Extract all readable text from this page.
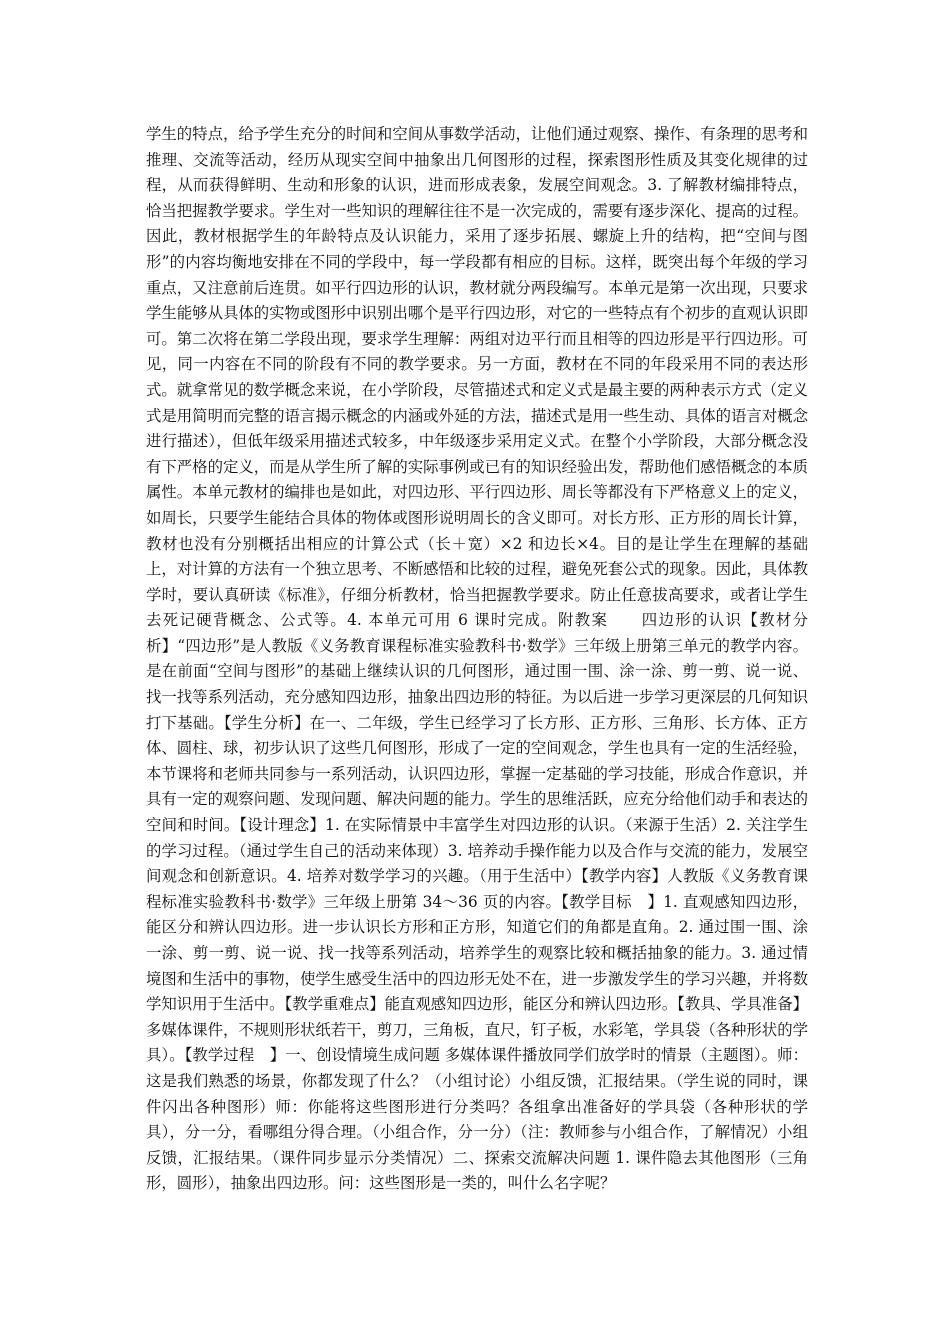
学生的特点，给予学生充分的时间和空间从事数学活动，让他们通过观察、操作、有条理的思考和推理、交流等活动，经历从现实空间中抽象出几何图形的过程，探索图形性质及其变化规律的过程，从而获得鲜明、生动和形象的认识，进而形成表象，发展空间观念。3. 了解教材编排特点，恰当把握教学要求。学生对一些知识的理解往往不是一次完成的，需要有逐步深化、提高的过程。因此，教材根据学生的年龄特点及认识能力，采用了逐步拓展、螺旋上升的结构，把“空间与图形”的内容均衡地安排在不同的学段中，每一学段都有相应的目标。这样，既突出每个年级的学习重点，又注意前后连贯。如平行四边形的认识，教材就分两段编写。本单元是第一次出现，只要求学生能够从具体的实物或图形中识别出哪个是平行四边形，对它的一些特点有个初步的直观认识即可。第二次将在第二学段出现，要求学生理解：两组对边平行而且相等的四边形是平行四边形。可见，同一内容在不同的阶段有不同的教学要求。另一方面，教材在不同的年段采用不同的表达形式。就拿常见的数学概念来说，在小学阶段，尽管描述式和定义式是最主要的两种表示方式（定义式是用简明而完整的语言揭示概念的内涵或外延的方法，描述式是用一些生动、具体的语言对概念进行描述），但低年级采用描述式较多，中年级逐步采用定义式。在整个小学阶段，大部分概念没有下严格的定义，而是从学生所了解的实际事例或已有的知识经验出发，帮助他们感悟概念的本质属性。本单元教材的编排也是如此，对四边形、平行四边形、周长等都没有下严格意义上的定义，如周长，只要学生能结合具体的物体或图形说明周长的含义即可。对长方形、正方形的周长计算，教材也没有分别概括出相应的计算公式（长＋宽）×2 和边长×4。目的是让学生在理解的基础上，对计算的方法有一个独立思考、不断感悟和比较的过程，避免死套公式的现象。因此，具体教学时，要认真研读《标准》，仔细分析教材，恰当把握教学要求。防止任意拔高要求，或者让学生去死记硬背概念、公式等。4. 本单元可用 6 课时完成。附教案　　四边形的认识【教材分析】“四边形”是人教版《义务教育课程标准实验教科书·数学》三年级上册第三单元的教学内容。是在前面“空间与图形”的基础上继续认识的几何图形，通过围一围、涂一涂、剪一剪、说一说、找一找等系列活动，充分感知四边形，抽象出四边形的特征。为以后进一步学习更深层的几何知识打下基础。【学生分析】在一、二年级，学生已经学习了长方形、正方形、三角形、长方体、正方体、圆柱、球，初步认识了这些几何图形，形成了一定的空间观念，学生也具有一定的生活经验，本节课将和老师共同参与一系列活动，认识四边形，掌握一定基础的学习技能，形成合作意识，并具有一定的观察问题、发现问题、解决问题的能力。学生的思维活跃，应充分给他们动手和表达的空间和时间。【设计理念】1. 在实际情景中丰富学生对四边形的认识。（来源于生活）2. 关注学生的学习过程。（通过学生自己的活动来体现）3. 培养动手操作能力以及合作与交流的能力，发展空间观念和创新意识。4. 培养对数学学习的兴趣。（用于生活中）【教学内容】人教版《义务教育课程标准实验教科书·数学》三年级上册第 34～36 页的内容。【教学目标　】1. 直观感知四边形，能区分和辨认四边形。进一步认识长方形和正方形，知道它们的角都是直角。2. 通过围一围、涂一涂、剪一剪、说一说、找一找等系列活动，培养学生的观察比较和概括抽象的能力。3. 通过情境图和生活中的事物，使学生感受生活中的四边形无处不在，进一步激发学生的学习兴趣，并将数学知识用于生活中。【教学重难点】能直观感知四边形，能区分和辨认四边形。【教具、学具准备】多媒体课件，不规则形状纸若干，剪刀，三角板，直尺，钉子板，水彩笔，学具袋（各种形状的学具）。【教学过程　】一、创设情境生成问题 多媒体课件播放同学们放学时的情景（主题图）。师：这是我们熟悉的场景，你都发现了什么？（小组讨论）小组反馈，汇报结果。（学生说的同时，课件闪出各种图形）师：你能将这些图形进行分类吗？各组拿出准备好的学具袋（各种形状的学具），分一分，看哪组分得合理。（小组合作，分一分）（注：教师参与小组合作，了解情况）小组反馈，汇报结果。（课件同步显示分类情况）二、探索交流解决问题 1. 课件隐去其他图形（三角形，圆形），抽象出四边形。问：这些图形是一类的，叫什么名字呢？
